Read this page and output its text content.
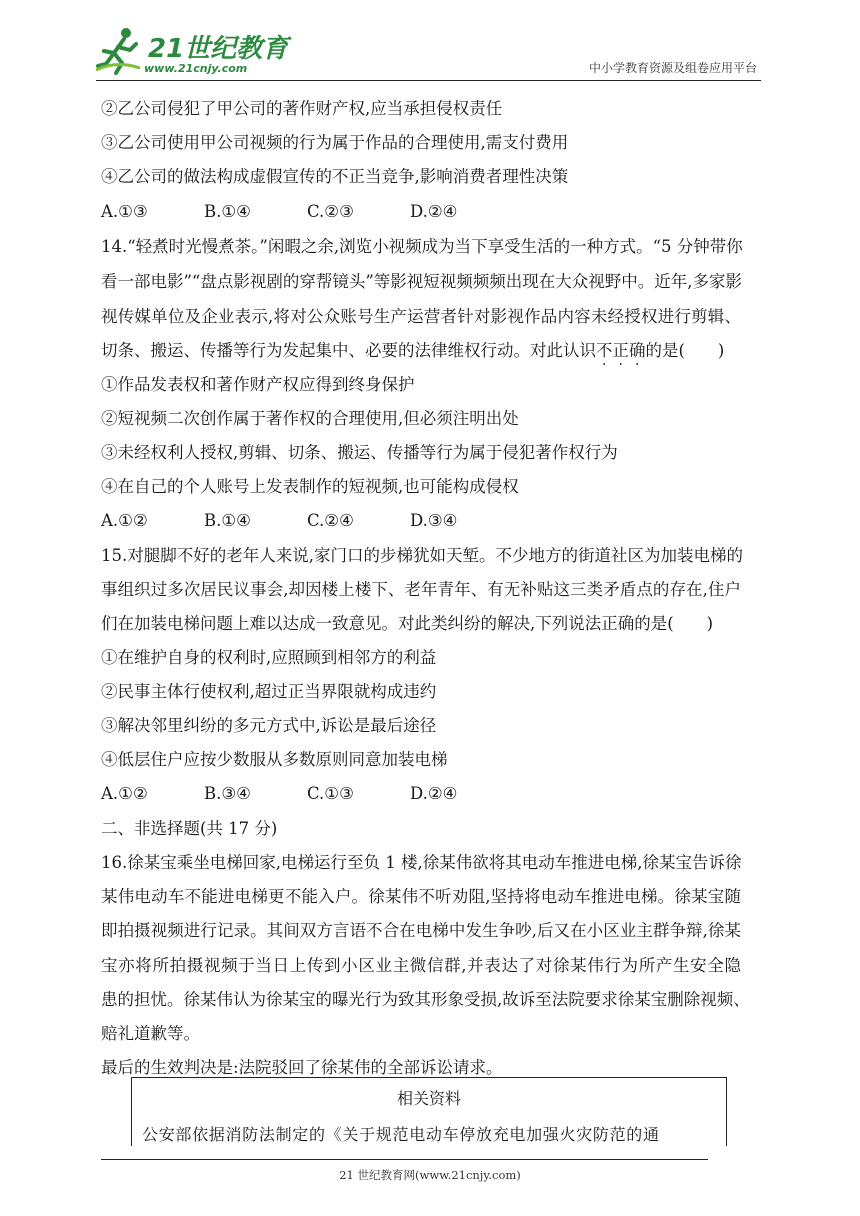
21世纪教育
www.21cnjy.com	中小学教育资源及组卷应用平台
②乙公司侵犯了甲公司的著作财产权,应当承担侵权责任
③乙公司使用甲公司视频的行为属于作品的合理使用,需支付费用
④乙公司的做法构成虚假宣传的不正当竞争,影响消费者理性决策
A.①③	B.①④	C.②③	D.②④
14.“轻煮时光慢煮茶。”闲暇之余,浏览小视频成为当下享受生活的一种方式。“5 分钟带你
看一部电影”“盘点影视剧的穿帮镜头”等影视短视频频频出现在大众视野中。近年,多家影
视传媒单位及企业表示,将对公众账号生产运营者针对影视作品内容未经授权进行剪辑、
切条、搬运、传播等行为发起集中、必要的法律维权行动。对此认识不正确的是(　　)
①作品发表权和著作财产权应得到终身保护
②短视频二次创作属于著作权的合理使用,但必须注明出处
③未经权利人授权,剪辑、切条、搬运、传播等行为属于侵犯著作权行为
④在自己的个人账号上发表制作的短视频,也可能构成侵权
A.①②	B.①④	C.②④	D.③④
15.对腿脚不好的老年人来说,家门口的步梯犹如天堑。不少地方的街道社区为加装电梯的
事组织过多次居民议事会,却因楼上楼下、老年青年、有无补贴这三类矛盾点的存在,住户
们在加装电梯问题上难以达成一致意见。对此类纠纷的解决,下列说法正确的是(　　)
①在维护自身的权利时,应照顾到相邻方的利益
②民事主体行使权利,超过正当界限就构成违约
③解决邻里纠纷的多元方式中,诉讼是最后途径
④低层住户应按少数服从多数原则同意加装电梯
A.①②	B.③④	C.①③	D.②④
二、非选择题(共 17 分)
16.徐某宝乘坐电梯回家,电梯运行至负 1 楼,徐某伟欲将其电动车推进电梯,徐某宝告诉徐
某伟电动车不能进电梯更不能入户。徐某伟不听劝阻,坚持将电动车推进电梯。徐某宝随
即拍摄视频进行记录。其间双方言语不合在电梯中发生争吵,后又在小区业主群争辩,徐某
宝亦将所拍摄视频于当日上传到小区业主微信群,并表达了对徐某伟行为所产生安全隐
患的担忧。徐某伟认为徐某宝的曝光行为致其形象受损,故诉至法院要求徐某宝删除视频、
赔礼道歉等。
最后的生效判决是:法院驳回了徐某伟的全部诉讼请求。
相关资料
公安部依据消防法制定的《关于规范电动车停放充电加强火灾防范的通
21 世纪教育网(www.21cnjy.com)
